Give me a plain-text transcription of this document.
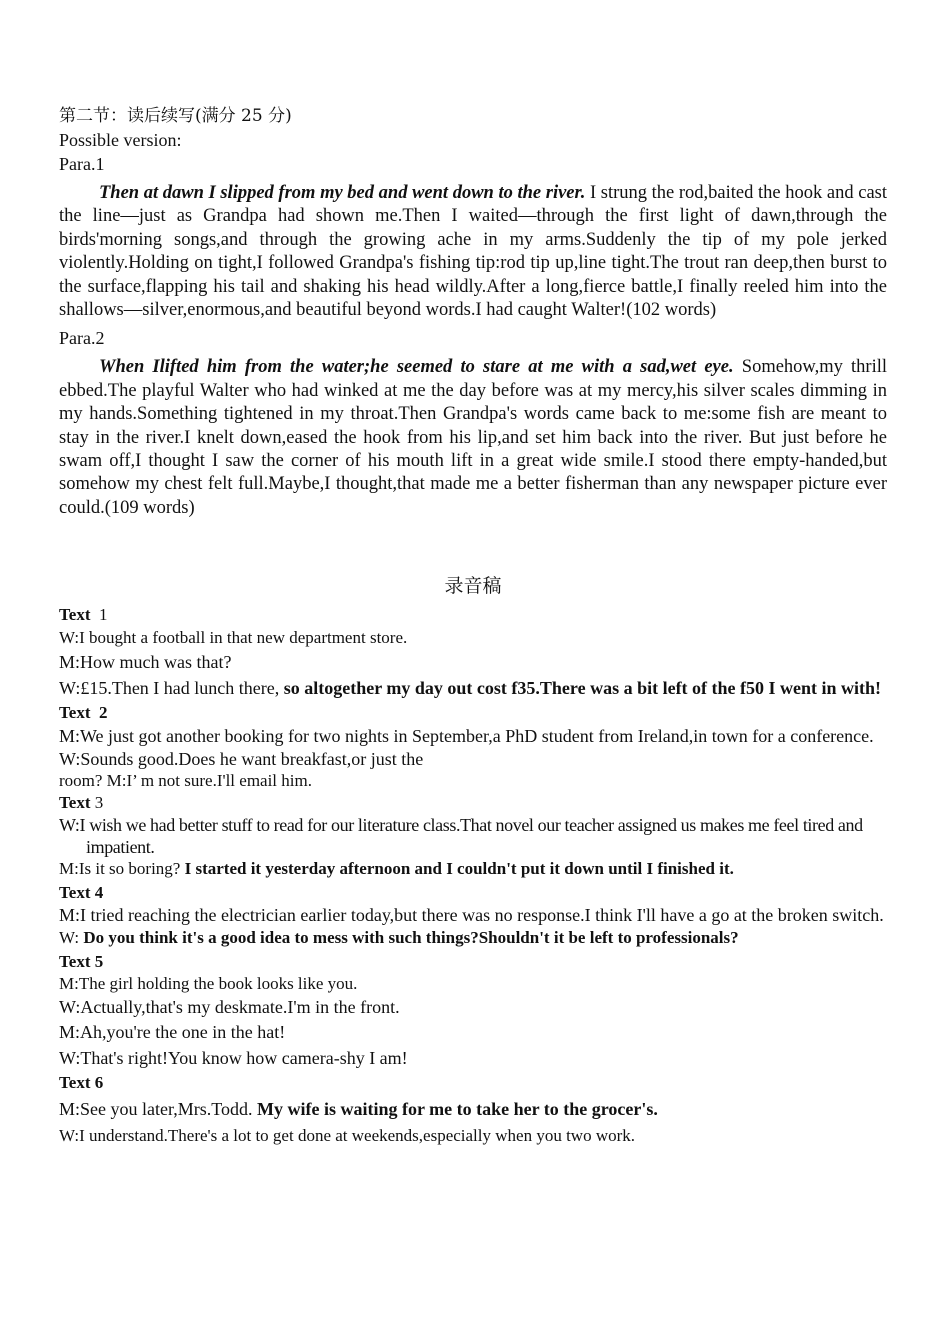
第二节：读后续写(满分 25 分)

Possible version:

Para.1

Then at dawn I slipped from my bed and went down to the river. I strung the rod,baited the hook and cast the line—just as Grandpa had shown me.Then I waited—through the first light of dawn,through the birds'morning songs,and through the growing ache in my arms.Suddenly the tip of my pole jerked violently.Holding on tight,I followed Grandpa's fishing tip:rod tip up,line tight.The trout ran deep,then burst to the surface,flapping his tail and shaking his head wildly.After a long,fierce battle,I finally reeled him into the shallows—silver,enormous,and beautiful beyond words.I had caught Walter!(102 words)

Para.2

When Ilifted him from the water;he seemed to stare at me with a sad,wet eye. Somehow,my thrill ebbed.The playful Walter who had winked at me the day before was at my mercy,his silver scales dimming in my hands.Something tightened in my throat.Then Grandpa's words came back to me:some fish are meant to stay in the river.I knelt down,eased the hook from his lip,and set him back into the river. But just before he swam off,I thought I saw the corner of his mouth lift in a great wide smile.I stood there empty-handed,but somehow my chest felt full.Maybe,I thought,that made me a better fisherman than any newspaper picture ever could.(109 words)

录音稿

Text 1

W:I bought a football in that new department store.

M:How much was that?

W:£15.Then I had lunch there, so altogether my day out cost f35.There was a bit left of the f50 I went in with!

Text 2

M:We just got another booking for two nights in September,a PhD student from Ireland,in town for a conference.

W:Sounds good.Does he want breakfast,or just the

room? M:I’ m not sure.I'll email him.

Text 3

W:I wish we had better stuff to read for our literature class.That novel our teacher assigned us makes me feel tired and impatient.

M:Is it so boring? I started it yesterday afternoon and I couldn't put it down until I finished it.

Text 4

M:I tried reaching the electrician earlier today,but there was no response.I think I'll have a go at the broken switch.

W: Do you think it's a good idea to mess with such things?Shouldn't it be left to professionals?

Text 5

M:The girl holding the book looks like you.

W:Actually,that's my deskmate.I'm in the front.

M:Ah,you're the one in the hat!

W:That's right!You know how camera-shy I am!

Text 6

M:See you later,Mrs.Todd. My wife is waiting for me to take her to the grocer's.

W:I understand.There's a lot to get done at weekends,especially when you two work.
